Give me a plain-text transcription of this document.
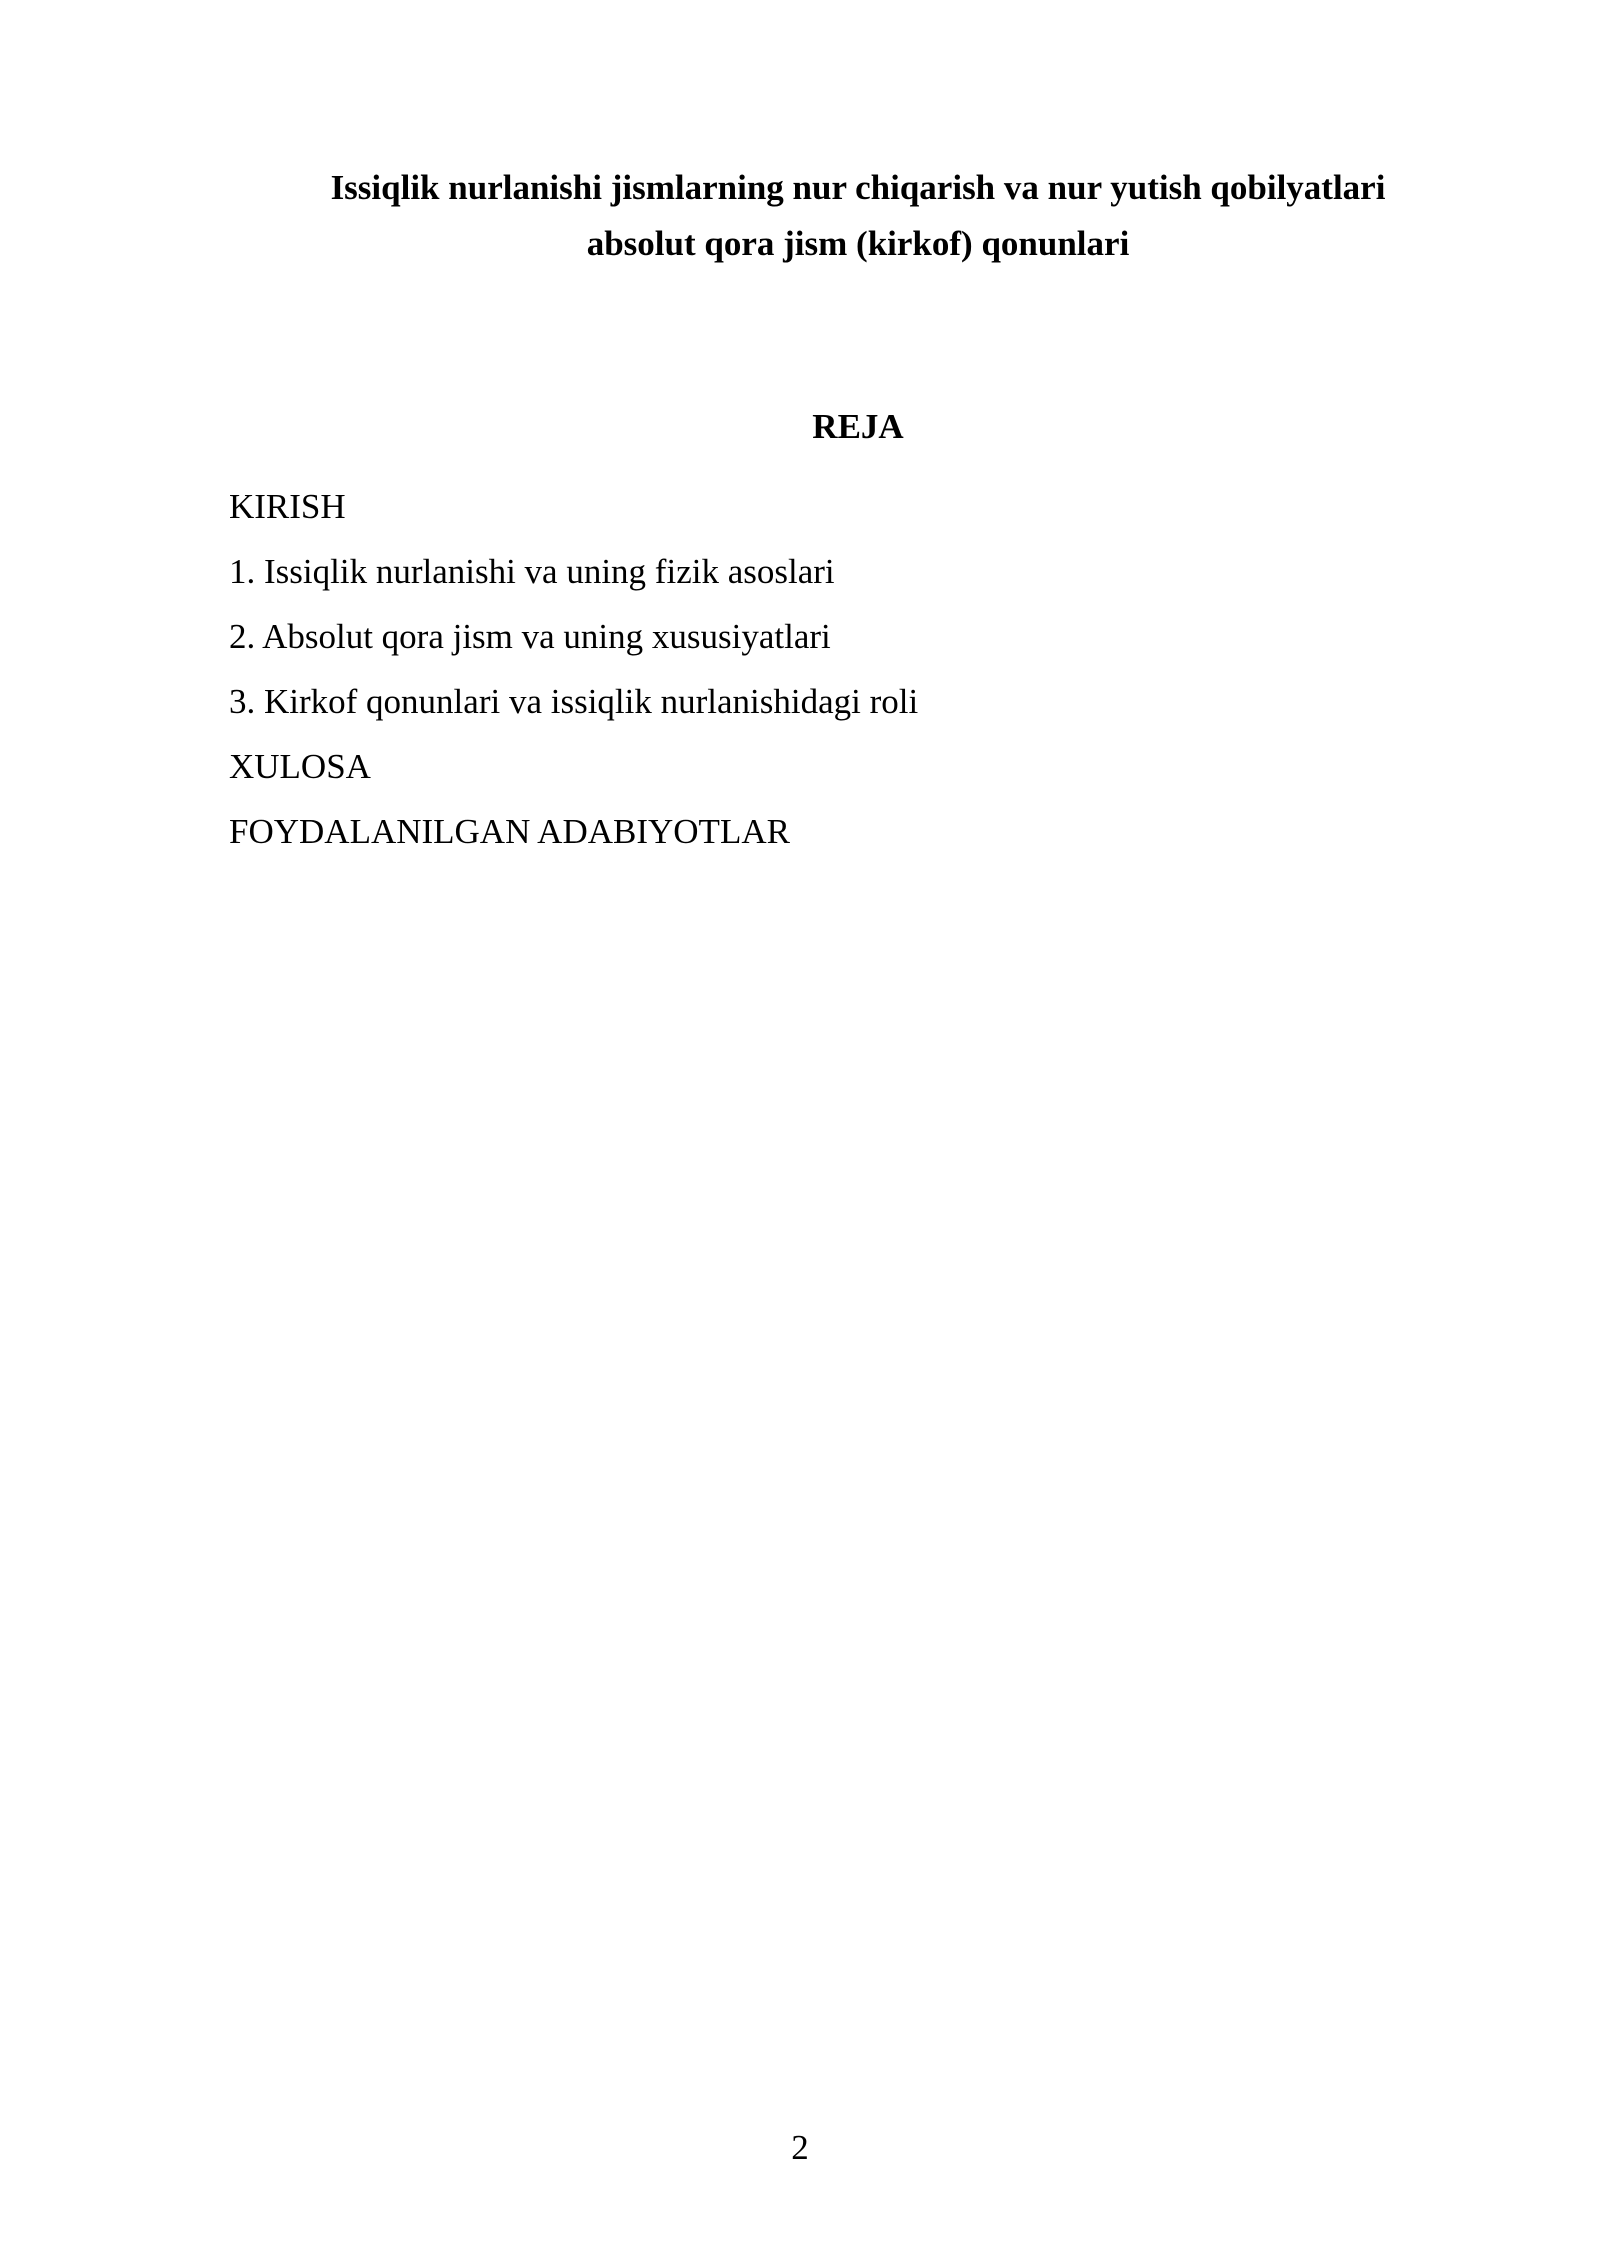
Issiqlik nurlanishi jismlarning nur chiqarish va nur yutish qobilyatlari
absolut qora jism (kirkof) qonunlari
REJA
KIRISH
1. Issiqlik nurlanishi va uning fizik asoslari
2. Absolut qora jism va uning xususiyatlari
3. Kirkof qonunlari va issiqlik nurlanishidagi roli
XULOSA
FOYDALANILGAN ADABIYOTLAR
2
